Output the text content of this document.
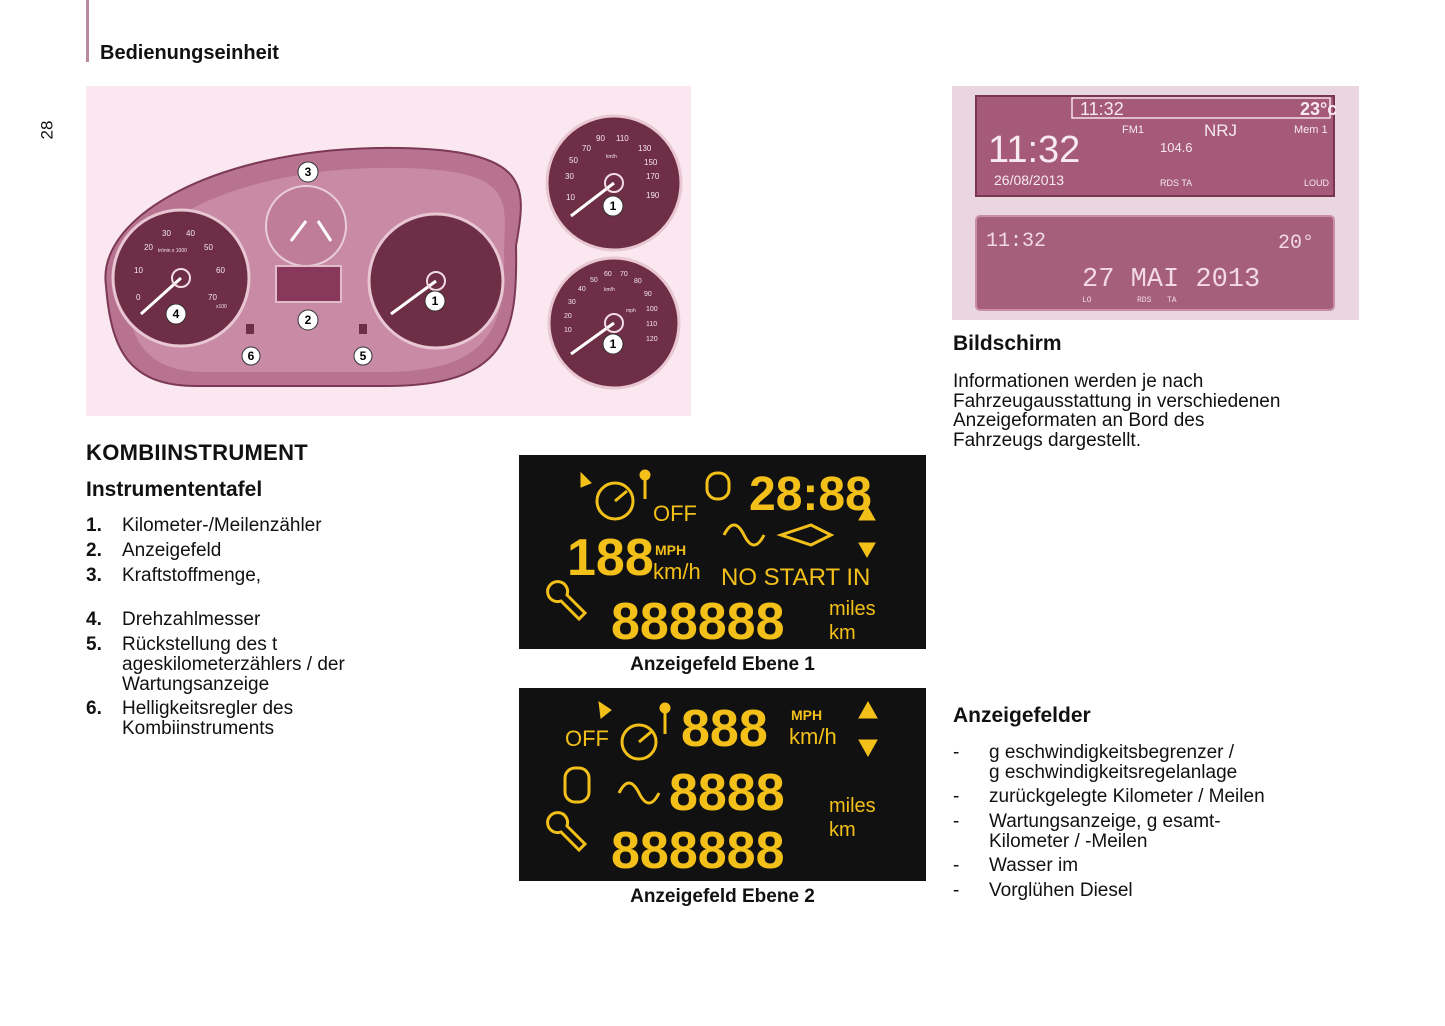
Bedienungseinheit
28
0
10
20
30 40
50
60
70
tr/min x 1000
x100
10
30
50
70
90 110
130
150
170
190
km/h
10
20
30
40
50
60 70
80
90
100
110
120
km/h
mph
3
2
4
1
6	5
1
1
11:32	23°c
11:32
26/08/2013
FM1	NRJ	Mem 1
104.6
RDS TA	LOUD
11:32	20°
27 MAI 2013
LO	RDS TA
KOMBIINSTRUMENT
Instrumententafel
1. Kilometer-/Meilenzähler
2. Anzeigefeld
3. Kraftstoffmenge,
4. Drehzahlmesser
5. Rückstellung des t ageskilometerzählers / der Wartungsanzeige
6. Helligkeitsregler des Kombiinstruments
28:88
OFF
188 MPH
km/h NO START IN
888888 miles
km
Anzeigefeld Ebene 1
OFF 888 MPH
km/h
8888
888888
miles
km
Anzeigefeld Ebene 2
Bildschirm
Informationen werden je nach
Fahrzeugausstattung in verschiedenen
Anzeigeformaten an Bord des
Fahrzeugs dargestellt.
Anzeigefelder
- g eschwindigkeitsbegrenzer /
g eschwindigkeitsregelanlage
- zurückgelegte Kilometer / Meilen
- Wartungsanzeige, g esamt-
Kilometer / -Meilen
- Wasser im
- Vorglühen Diesel
